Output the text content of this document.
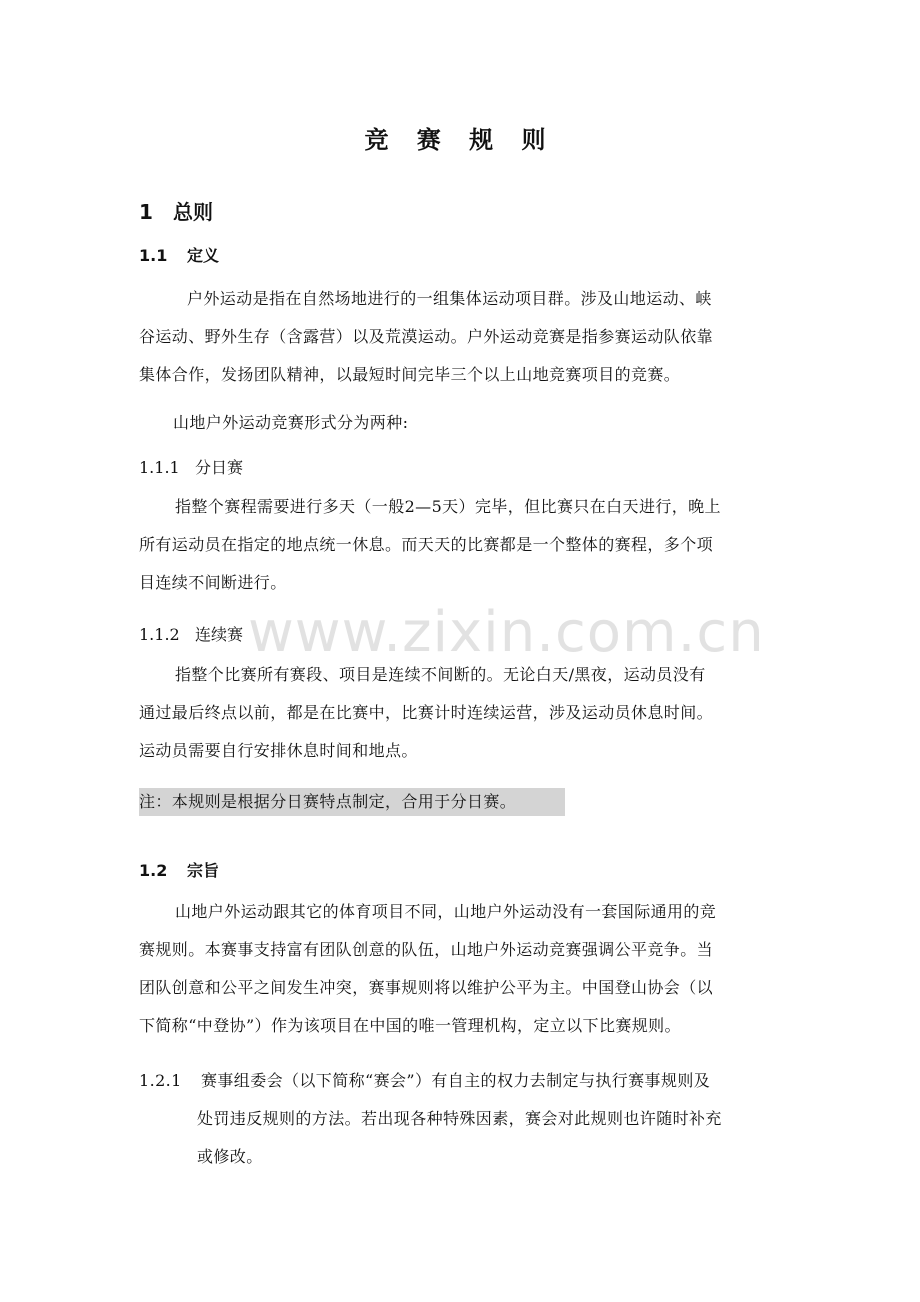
竞 赛 规 则
1 总则
1.1 定义
户外运动是指在自然场地进行的一组集体运动项目群。涉及山地运动、峡
谷运动、野外生存（含露营）以及荒漠运动。户外运动竞赛是指参赛运动队依靠
集体合作，发扬团队精神，以最短时间完毕三个以上山地竞赛项目的竞赛。
山地户外运动竞赛形式分为两种:
1.1.1 分日赛
指整个赛程需要进行多天（一般2—5天）完毕，但比赛只在白天进行，晚上
所有运动员在指定的地点统一休息。而天天的比赛都是一个整体的赛程，多个项
目连续不间断进行。
1.1.2 连续赛
指整个比赛所有赛段、项目是连续不间断的。无论白天/黑夜，运动员没有
通过最后终点以前，都是在比赛中，比赛计时连续运营，涉及运动员休息时间。
运动员需要自行安排休息时间和地点。
注：本规则是根据分日赛特点制定，合用于分日赛。
1.2 宗旨
山地户外运动跟其它的体育项目不同，山地户外运动没有一套国际通用的竞
赛规则。本赛事支持富有团队创意的队伍，山地户外运动竞赛强调公平竞争。当
团队创意和公平之间发生冲突，赛事规则将以维护公平为主。中国登山协会（以
下简称“中登协”）作为该项目在中国的唯一管理机构，定立以下比赛规则。
1.2.1 赛事组委会（以下简称“赛会”）有自主的权力去制定与执行赛事规则及
处罚违反规则的方法。若出现各种特殊因素，赛会对此规则也许随时补充
或修改。
www.zixin.com.cn
